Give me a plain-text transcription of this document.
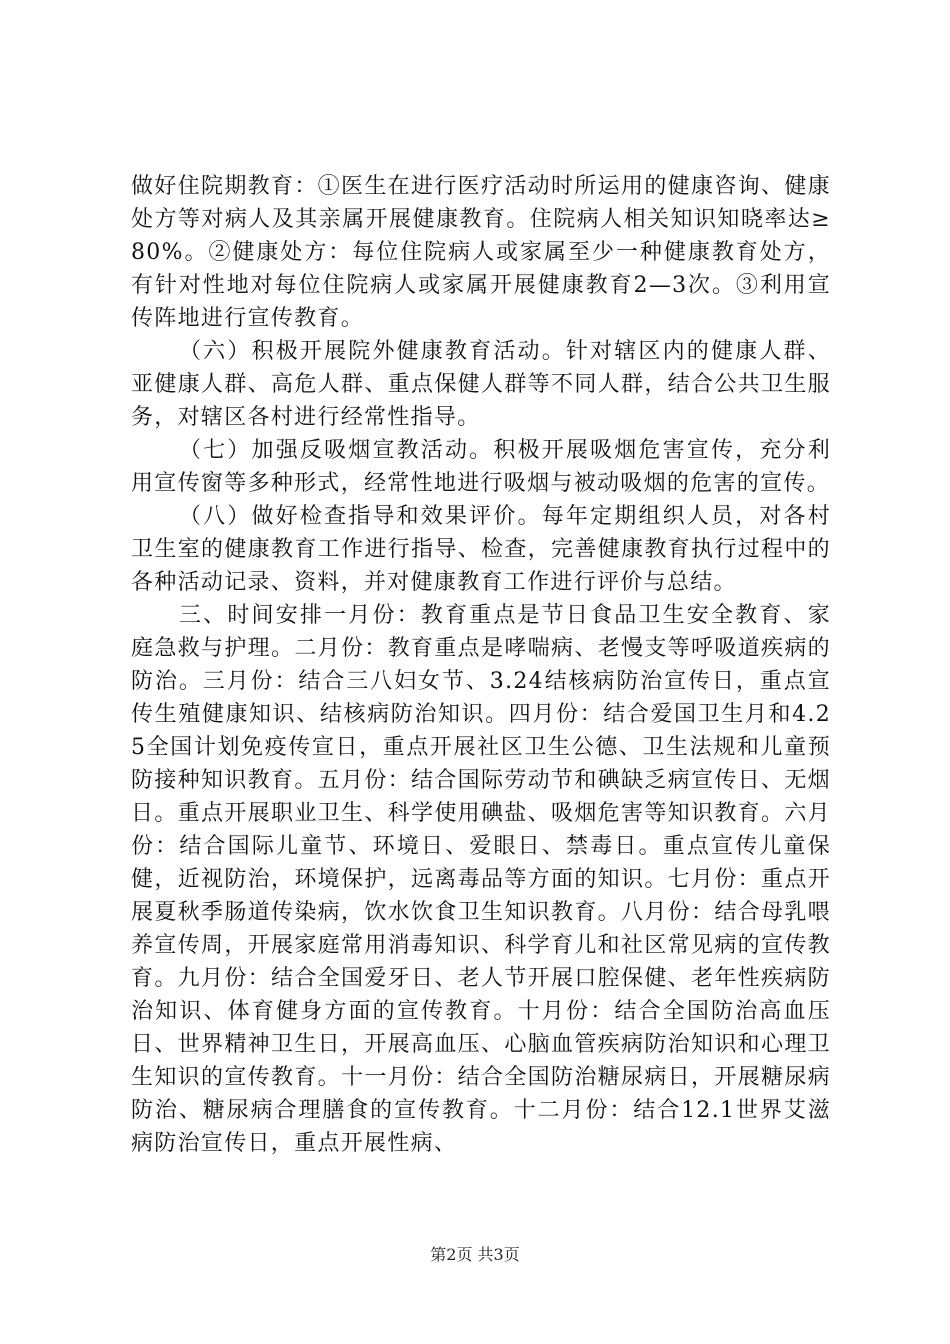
做好住院期教育：①医生在进行医疗活动时所运用的健康咨询、健康处方等对病人及其亲属开展健康教育。住院病人相关知识知晓率达≥80%。②健康处方：每位住院病人或家属至少一种健康教育处方，有针对性地对每位住院病人或家属开展健康教育2—3次。③利用宣传阵地进行宣传教育。

（六）积极开展院外健康教育活动。针对辖区内的健康人群、亚健康人群、高危人群、重点保健人群等不同人群，结合公共卫生服务，对辖区各村进行经常性指导。

（七）加强反吸烟宣教活动。积极开展吸烟危害宣传，充分利用宣传窗等多种形式，经常性地进行吸烟与被动吸烟的危害的宣传。

（八）做好检查指导和效果评价。每年定期组织人员，对各村卫生室的健康教育工作进行指导、检查，完善健康教育执行过程中的各种活动记录、资料，并对健康教育工作进行评价与总结。

三、时间安排一月份：教育重点是节日食品卫生安全教育、家庭急救与护理。二月份：教育重点是哮喘病、老慢支等呼吸道疾病的防治。三月份：结合三八妇女节、3.24结核病防治宣传日，重点宣传生殖健康知识、结核病防治知识。四月份：结合爱国卫生月和4.25全国计划免疫传宣日，重点开展社区卫生公德、卫生法规和儿童预防接种知识教育。五月份：结合国际劳动节和碘缺乏病宣传日、无烟日。重点开展职业卫生、科学使用碘盐、吸烟危害等知识教育。六月份：结合国际儿童节、环境日、爱眼日、禁毒日。重点宣传儿童保健，近视防治，环境保护，远离毒品等方面的知识。七月份：重点开展夏秋季肠道传染病，饮水饮食卫生知识教育。八月份：结合母乳喂养宣传周，开展家庭常用消毒知识、科学育儿和社区常见病的宣传教育。九月份：结合全国爱牙日、老人节开展口腔保健、老年性疾病防治知识、体育健身方面的宣传教育。十月份：结合全国防治高血压日、世界精神卫生日，开展高血压、心脑血管疾病防治知识和心理卫生知识的宣传教育。十一月份：结合全国防治糖尿病日，开展糖尿病防治、糖尿病合理膳食的宣传教育。十二月份：结合12.1世界艾滋病防治宣传日，重点开展性病、

第2页 共3页
